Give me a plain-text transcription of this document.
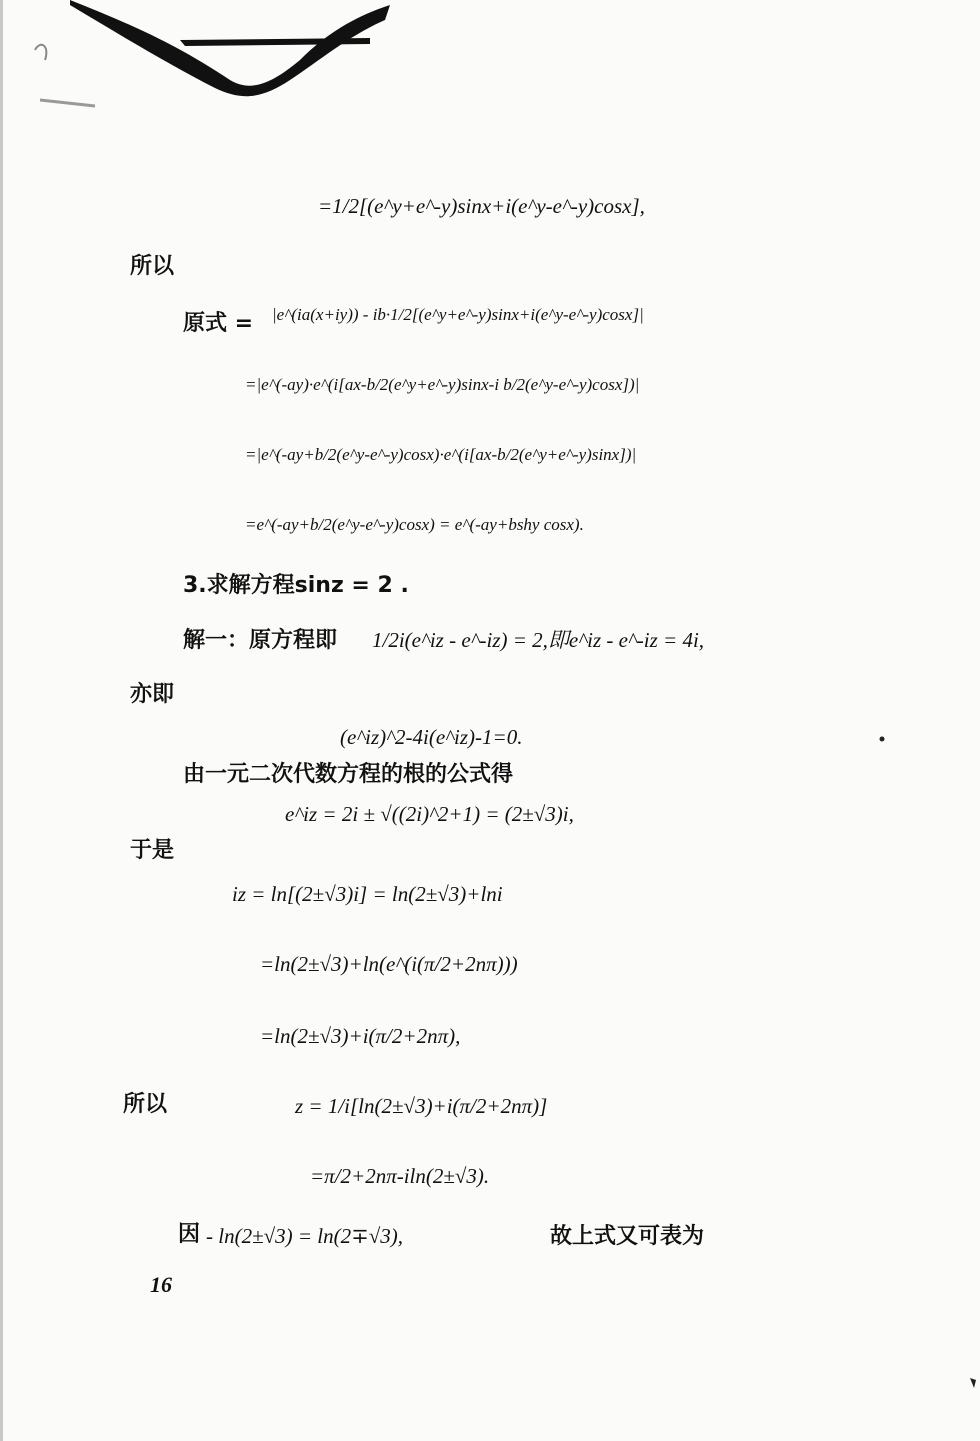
=1/2[(e^y+e^-y)sinx+i(e^y-e^-y)cosx],
所以
原式 = |e^(ia(x+iy)) - ib·1/2[(e^y+e^-y)sinx+i(e^y-e^-y)cosx]|
=|e^(-ay)·e^(i[ax-b/2(e^y+e^-y)sinx-i b/2(e^y-e^-y)cosx])|
=|e^(-ay+b/2(e^y-e^-y)cosx)·e^(i[ax-b/2(e^y+e^-y)sinx])|
=e^(-ay+b/2(e^y-e^-y)cosx) = e^(-ay+bshy cosx).
3.求解方程sinz = 2 .
解一：原方程即 1/2i(e^iz - e^-iz) = 2,即e^iz - e^-iz = 4i,
亦即
(e^iz)^2-4i(e^iz)-1=0.
由一元二次代数方程的根的公式得
e^iz = 2i ± √((2i)^2+1) = (2±√3)i,
于是
iz = ln[(2±√3)i] = ln(2±√3)+lni
=ln(2±√3)+ln(e^(i(π/2+2nπ)))
=ln(2±√3)+i(π/2+2nπ),
所以	z = 1/i[ln(2±√3)+i(π/2+2nπ)]
=π/2+2nπ-iln(2±√3).
因 - ln(2±√3) = ln(2∓√3),	故上式又可表为
16
